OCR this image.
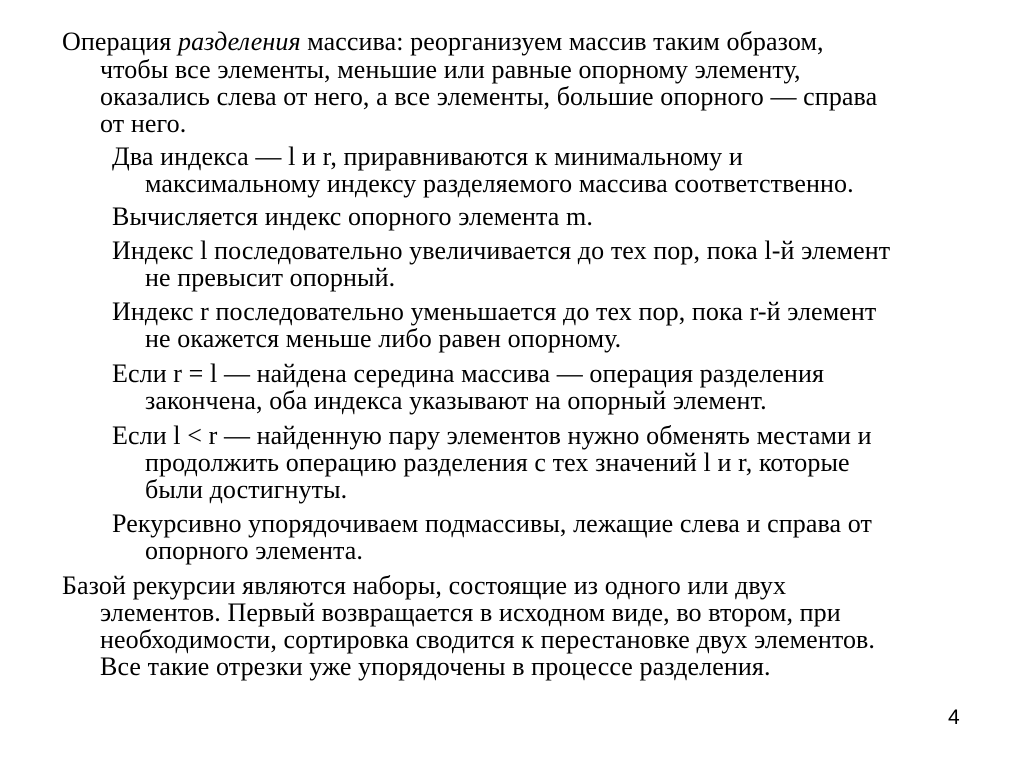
Операция разделения массива: реорганизуем массив таким образом,
чтобы все элементы, меньшие или равные опорному элементу,
оказались слева от него, а все элементы, большие опорного — справа
от него.
Два индекса — l и r, приравниваются к минимальному и
максимальному индексу разделяемого массива соответственно.
Вычисляется индекс опорного элемента m.
Индекс l последовательно увеличивается до тех пор, пока l-й элемент
не превысит опорный.
Индекс r последовательно уменьшается до тех пор, пока r-й элемент
не окажется меньше либо равен опорному.
Если r = l — найдена середина массива — операция разделения
закончена, оба индекса указывают на опорный элемент.
Если l < r — найденную пару элементов нужно обменять местами и
продолжить операцию разделения с тех значений l и r, которые
были достигнуты.
Рекурсивно упорядочиваем подмассивы, лежащие слева и справа от
опорного элемента.
Базой рекурсии являются наборы, состоящие из одного или двух
элементов. Первый возвращается в исходном виде, во втором, при
необходимости, сортировка сводится к перестановке двух элементов.
Все такие отрезки уже упорядочены в процессе разделения.
4
